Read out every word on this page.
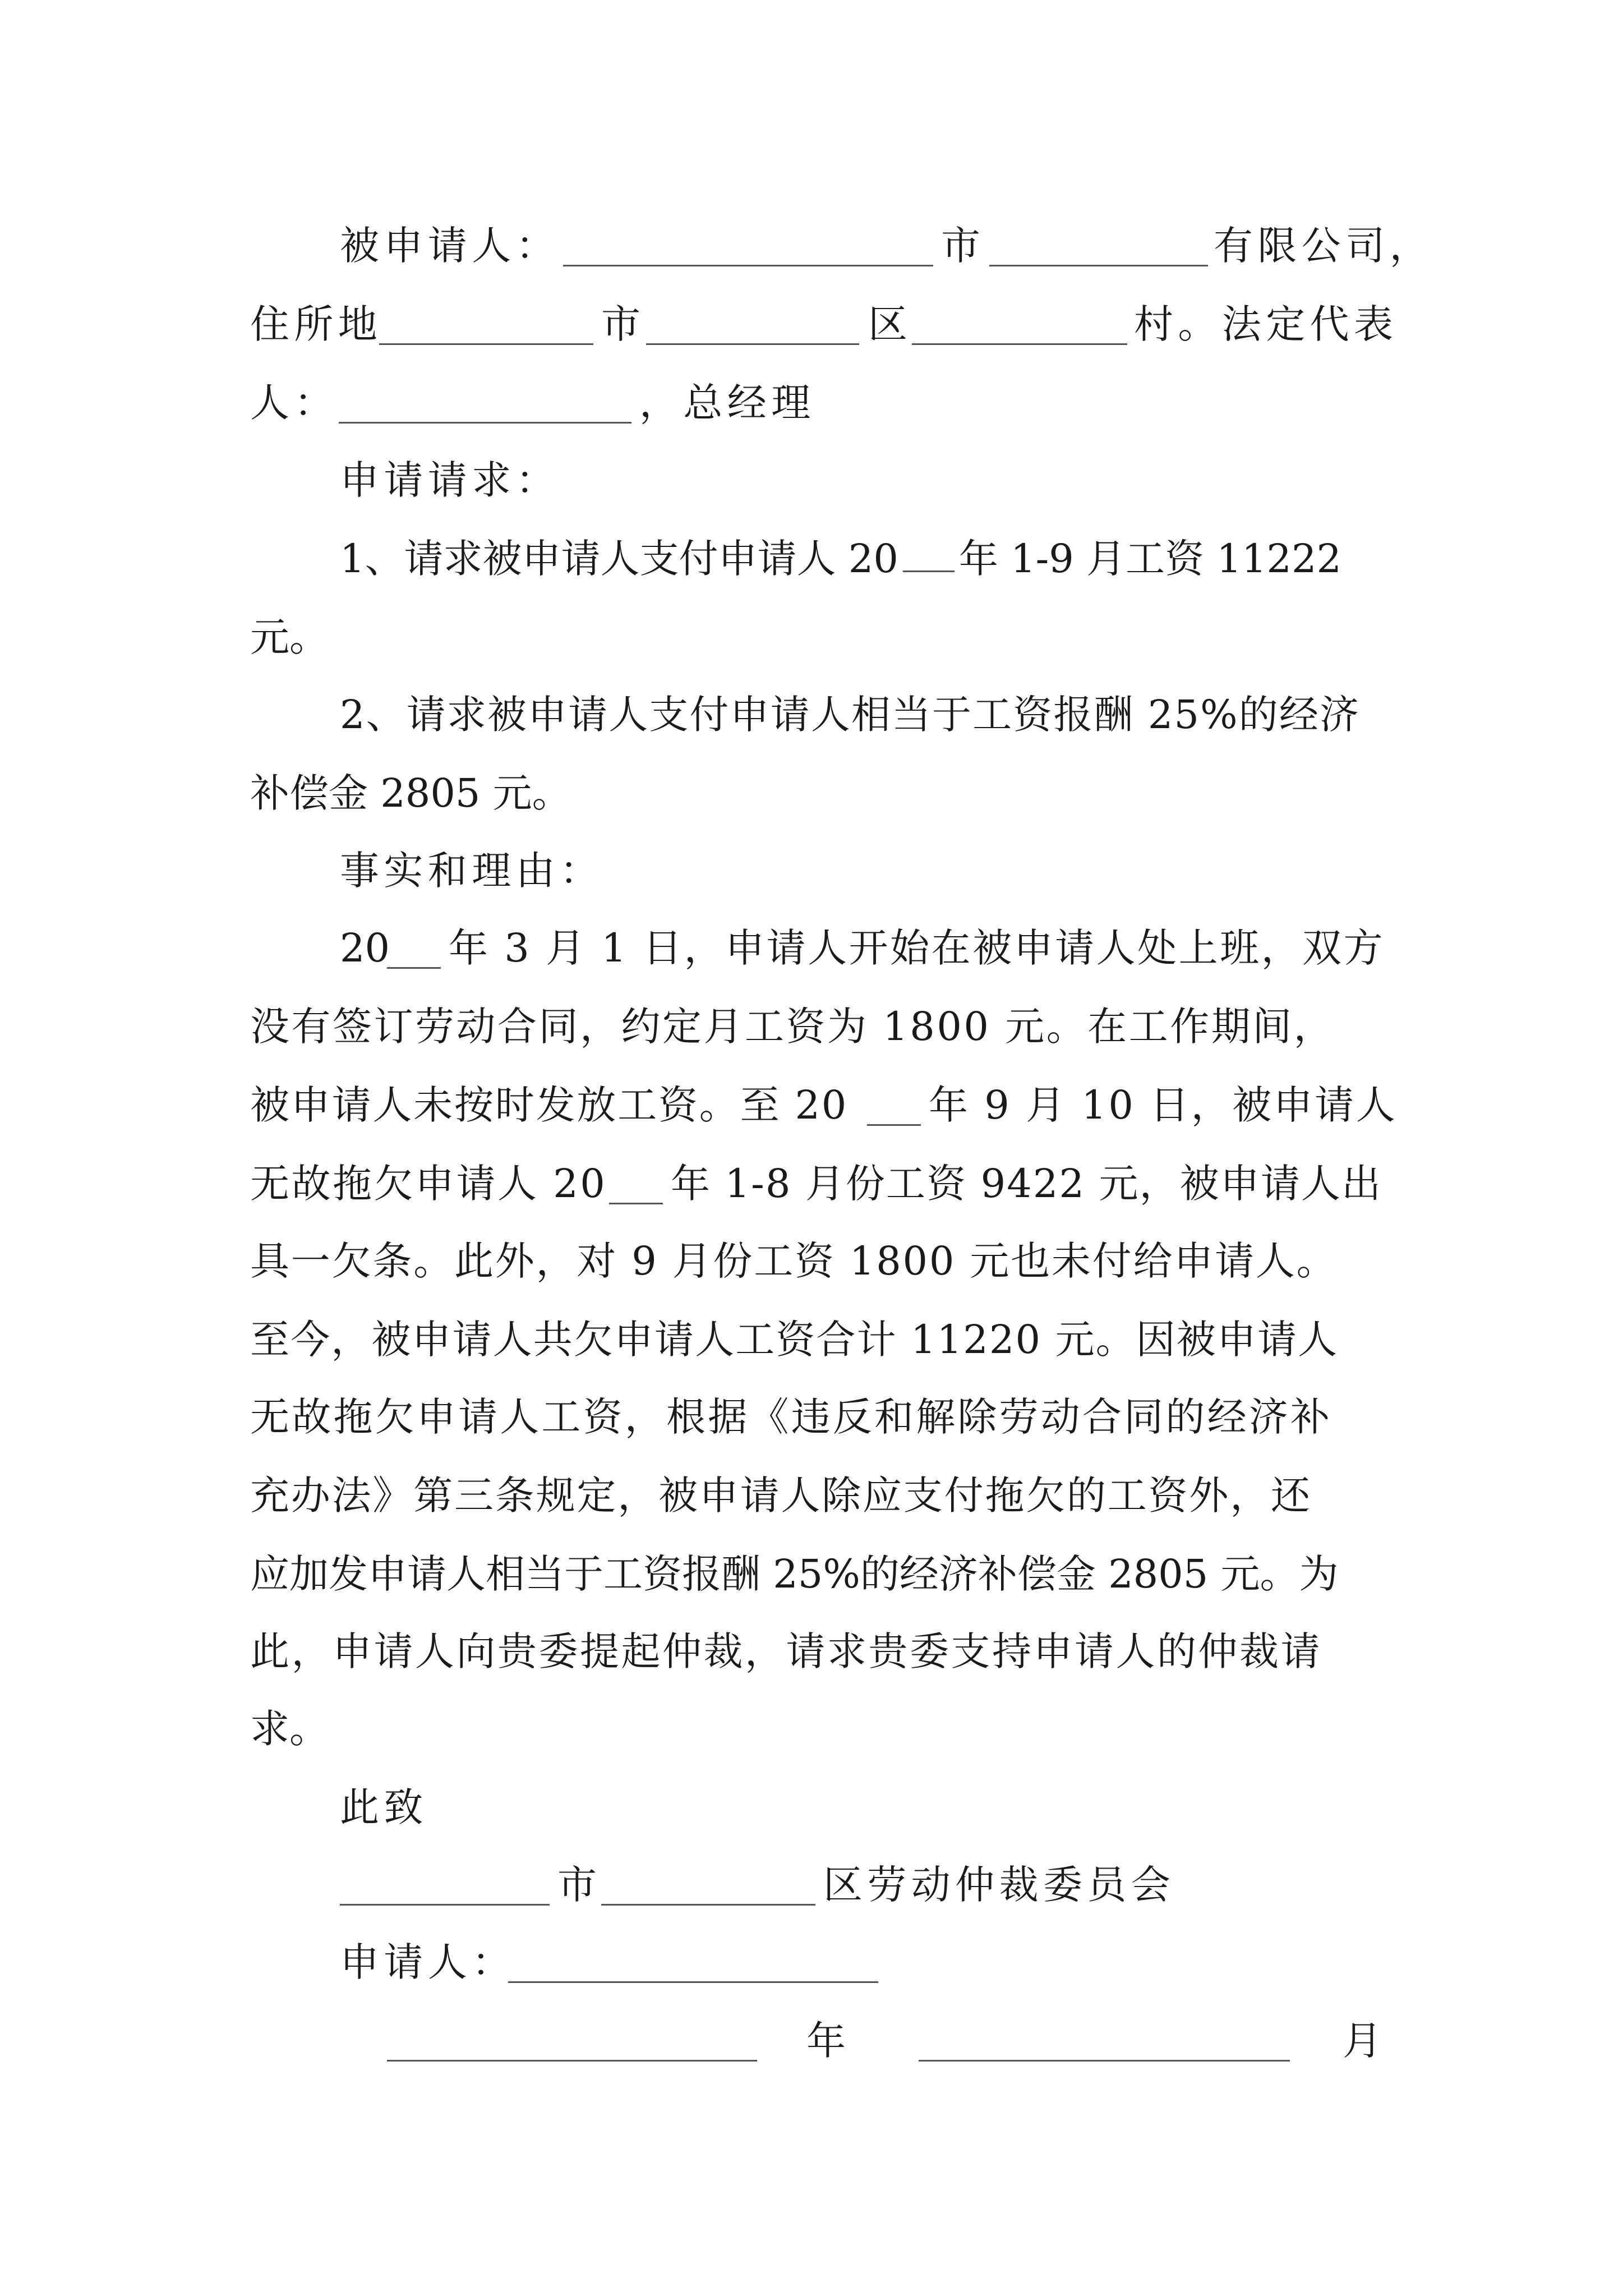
被申请人：	市	有限公司，
住所地	市	区	村。法定代表
人：	，总经理
申请请求：
1、请求被申请人支付申请人 20 年 1-9 月工资 11222
元。
2、请求被申请人支付申请人相当于工资报酬 25%的经济
补偿金 2805 元。
事实和理由：
20 年 3 月 1 日，申请人开始在被申请人处上班，双方
没有签订劳动合同，约定月工资为 1800 元。在工作期间，
被申请人未按时发放工资。至 20 年 9 月 10 日，被申请人
无故拖欠申请人 20 年 1-8 月份工资 9422 元，被申请人出
具一欠条。此外，对 9 月份工资 1800 元也未付给申请人。
至今，被申请人共欠申请人工资合计 11220 元。因被申请人
无故拖欠申请人工资，根据《违反和解除劳动合同的经济补
充办法》第三条规定，被申请人除应支付拖欠的工资外，还
应加发申请人相当于工资报酬 25%的经济补偿金 2805 元。为
此，申请人向贵委提起仲裁，请求贵委支持申请人的仲裁请
求。
此致
市	区劳动仲裁委员会
申请人：
年	月
